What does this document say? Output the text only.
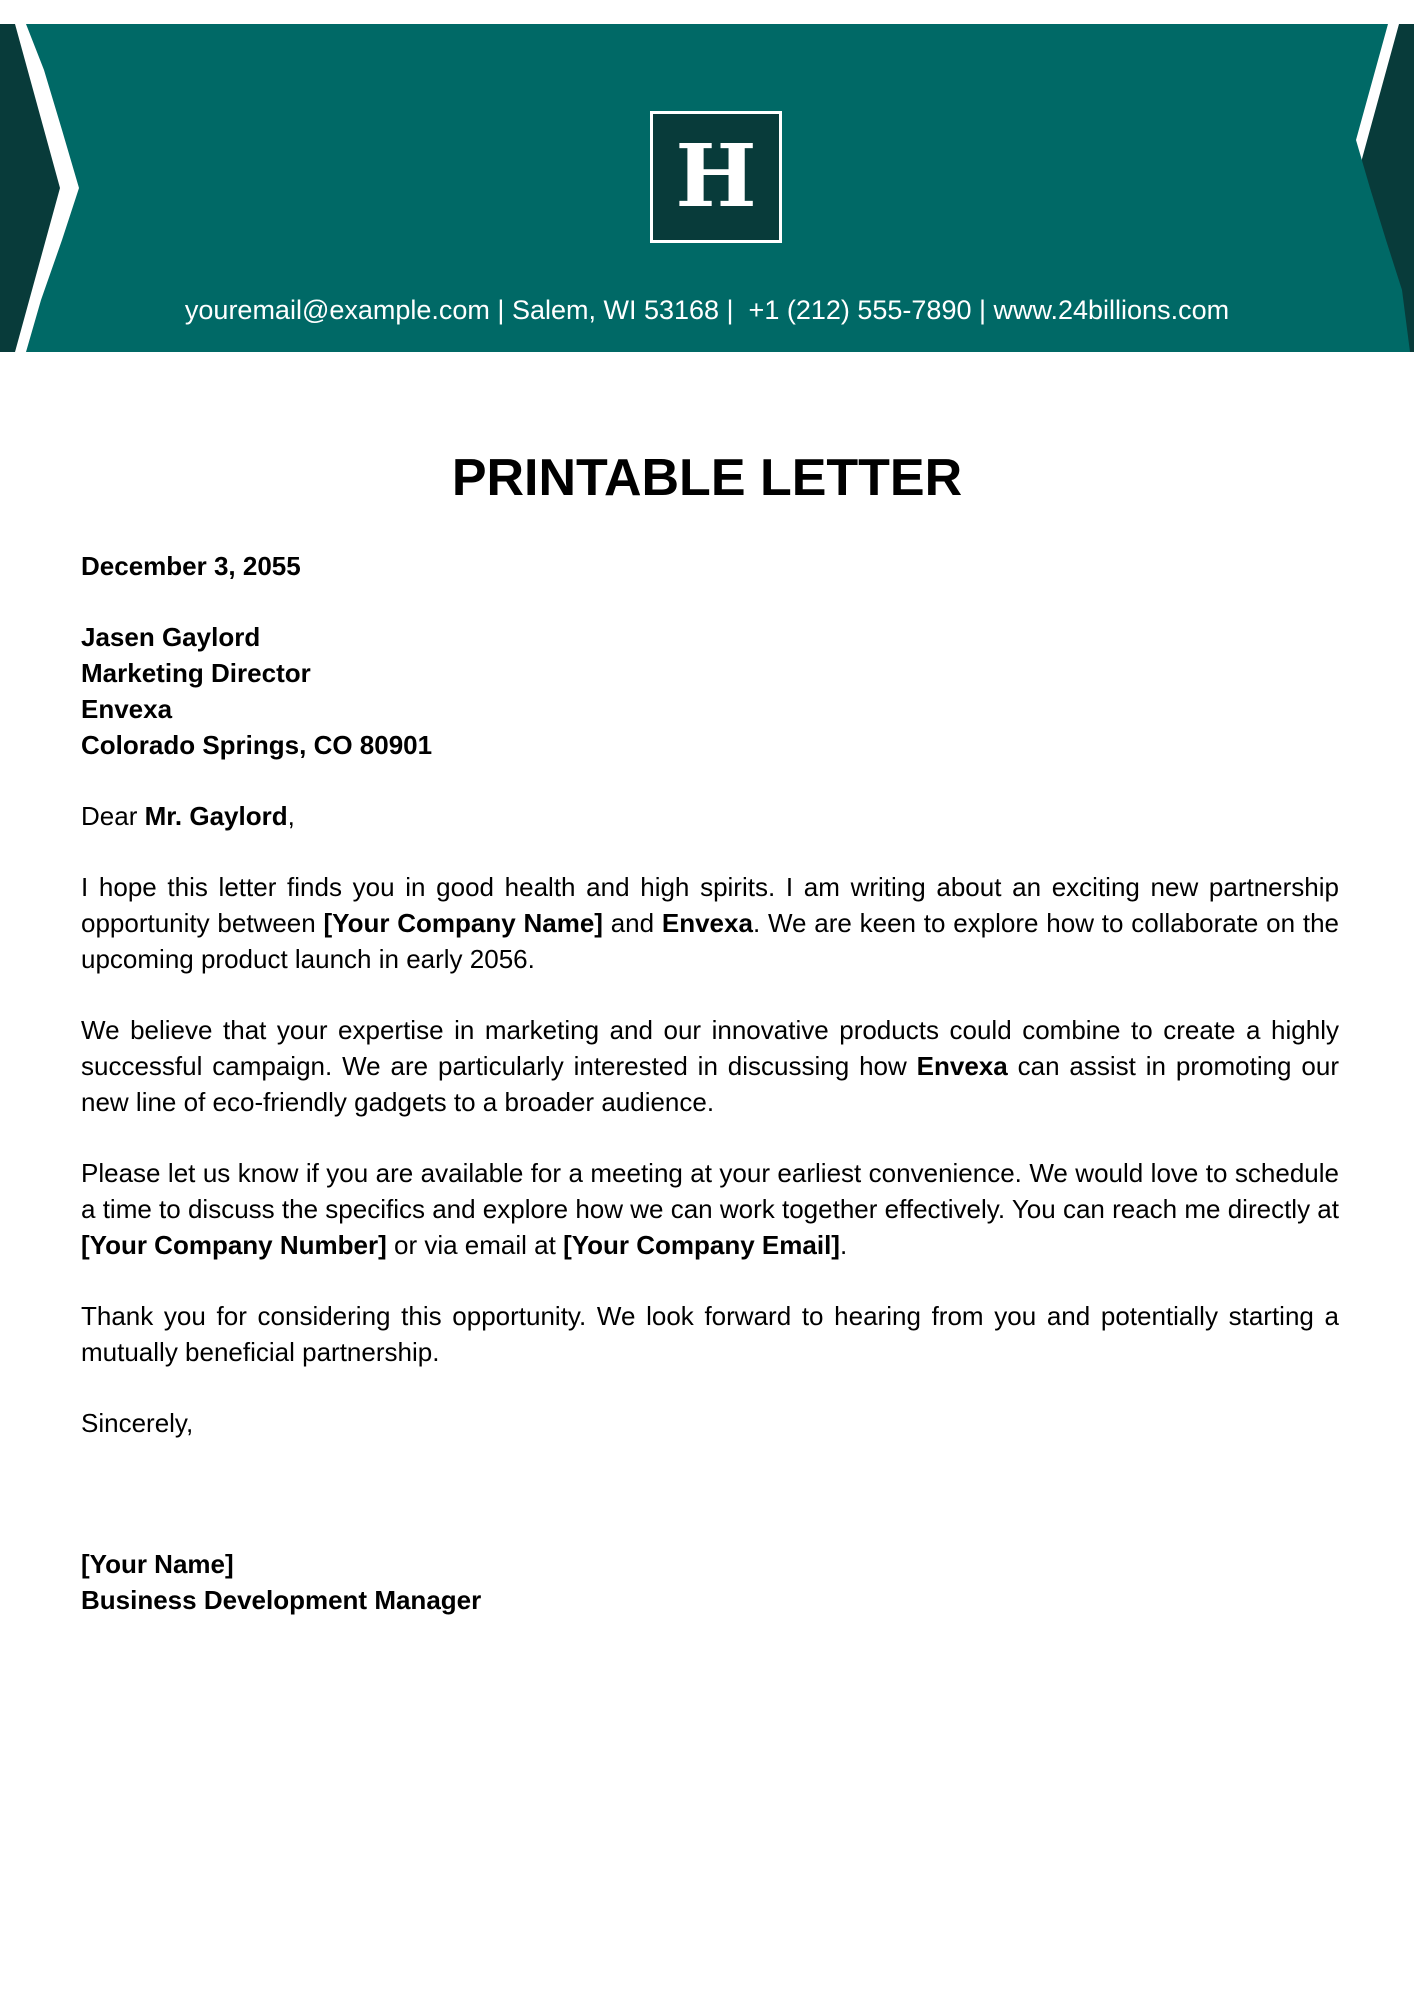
H
youremail@example.com | Salem, WI 53168 |  +1 (212) 555-7890 | www.24billions.com
PRINTABLE LETTER
December 3, 2055
Jasen Gaylord
Marketing Director
Envexa
Colorado Springs, CO 80901
Dear Mr. Gaylord,
I hope this letter finds you in good health and high spirits. I am writing about an exciting new partnership opportunity between [Your Company Name] and Envexa. We are keen to explore how to collaborate on the upcoming product launch in early 2056.
We believe that your expertise in marketing and our innovative products could combine to create a highly successful campaign. We are particularly interested in discussing how Envexa can assist in promoting our new line of eco-friendly gadgets to a broader audience.
Please let us know if you are available for a meeting at your earliest convenience. We would love to schedule a time to discuss the specifics and explore how we can work together effectively. You can reach me directly at [Your Company Number] or via email at [Your Company Email].
Thank you for considering this opportunity. We look forward to hearing from you and potentially starting a mutually beneficial partnership.
Sincerely,
[Your Name]
Business Development Manager
